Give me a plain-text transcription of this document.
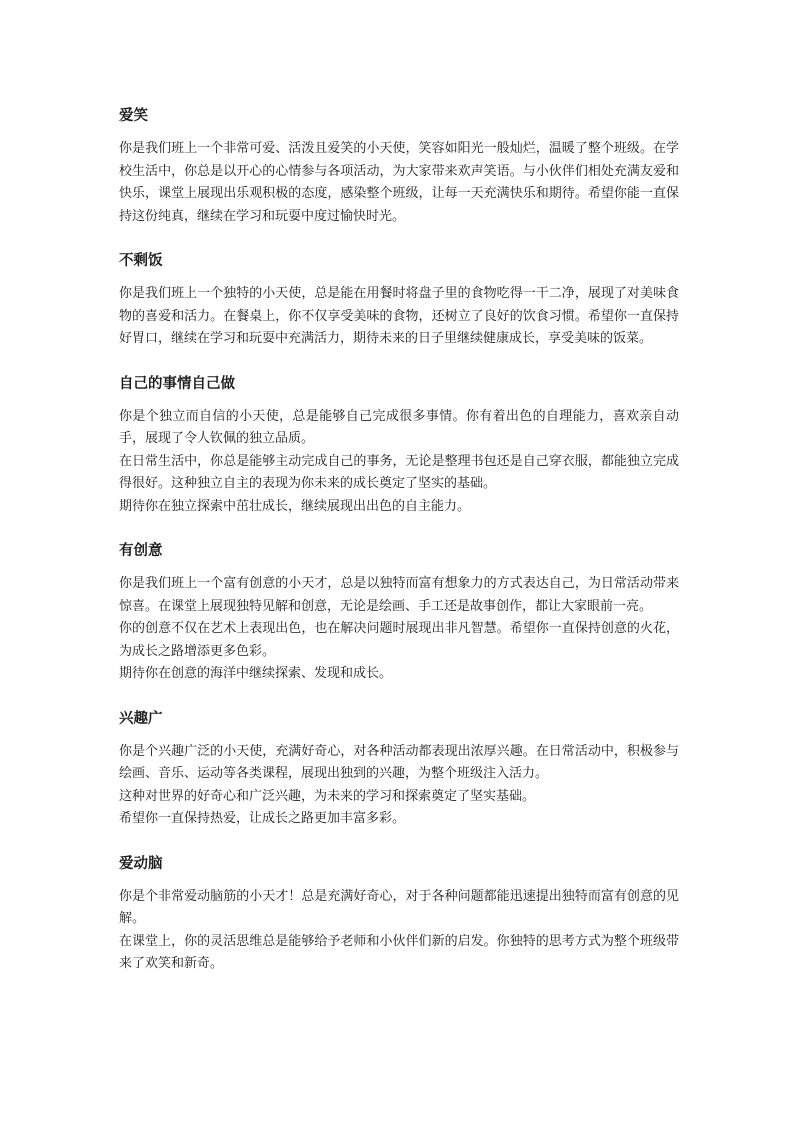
爱笑

你是我们班上一个非常可爱、活泼且爱笑的小天使，笑容如阳光一般灿烂，温暖了整个班级。在学校生活中，你总是以开心的心情参与各项活动，为大家带来欢声笑语。与小伙伴们相处充满友爱和快乐，课堂上展现出乐观积极的态度，感染整个班级，让每一天充满快乐和期待。希望你能一直保持这份纯真，继续在学习和玩耍中度过愉快时光。

不剩饭

你是我们班上一个独特的小天使，总是能在用餐时将盘子里的食物吃得一干二净，展现了对美味食物的喜爱和活力。在餐桌上，你不仅享受美味的食物，还树立了良好的饮食习惯。希望你一直保持好胃口，继续在学习和玩耍中充满活力，期待未来的日子里继续健康成长，享受美味的饭菜。

自己的事情自己做

你是个独立而自信的小天使，总是能够自己完成很多事情。你有着出色的自理能力，喜欢亲自动手，展现了令人钦佩的独立品质。

在日常生活中，你总是能够主动完成自己的事务，无论是整理书包还是自己穿衣服，都能独立完成得很好。这种独立自主的表现为你未来的成长奠定了坚实的基础。

期待你在独立探索中茁壮成长，继续展现出出色的自主能力。

有创意

你是我们班上一个富有创意的小天才，总是以独特而富有想象力的方式表达自己，为日常活动带来惊喜。在课堂上展现独特见解和创意，无论是绘画、手工还是故事创作，都让大家眼前一亮。

你的创意不仅在艺术上表现出色，也在解决问题时展现出非凡智慧。希望你一直保持创意的火花，为成长之路增添更多色彩。

期待你在创意的海洋中继续探索、发现和成长。

兴趣广

你是个兴趣广泛的小天使，充满好奇心，对各种活动都表现出浓厚兴趣。在日常活动中，积极参与绘画、音乐、运动等各类课程，展现出独到的兴趣，为整个班级注入活力。

这种对世界的好奇心和广泛兴趣，为未来的学习和探索奠定了坚实基础。

希望你一直保持热爱，让成长之路更加丰富多彩。

爱动脑

你是个非常爱动脑筋的小天才！总是充满好奇心，对于各种问题都能迅速提出独特而富有创意的见解。

在课堂上，你的灵活思维总是能够给予老师和小伙伴们新的启发。你独特的思考方式为整个班级带来了欢笑和新奇。
